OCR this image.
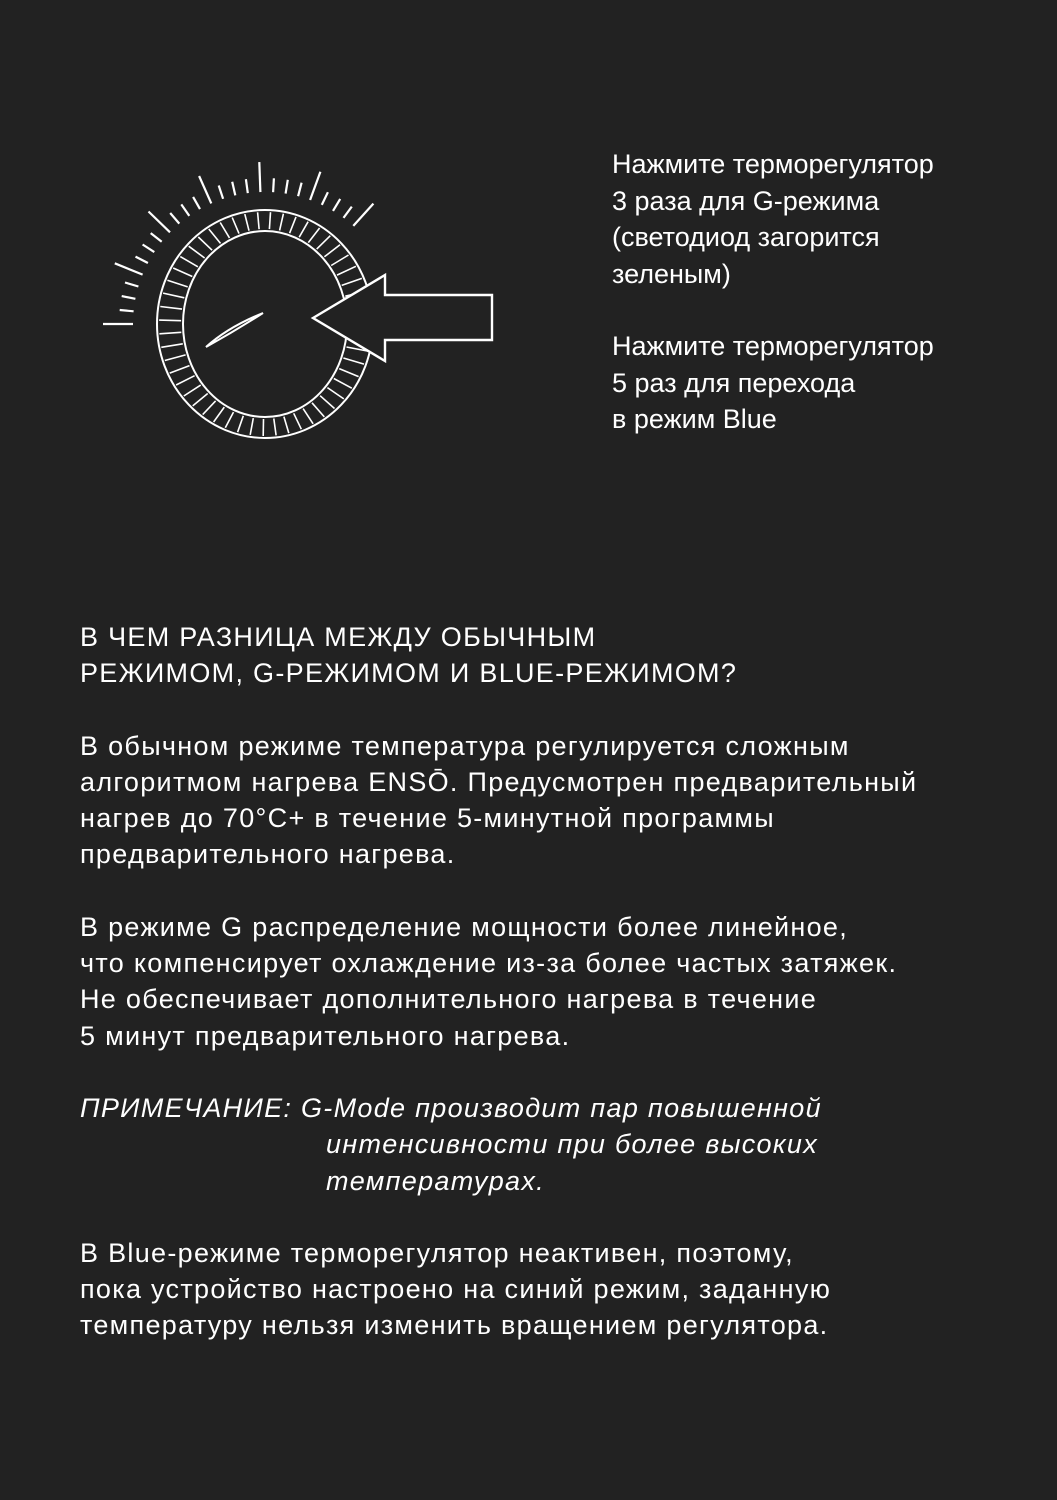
Нажмите терморегулятор
3 раза для G-режима
(светодиод загорится
зеленым)
Нажмите терморегулятор
5 раз для перехода
в режим Blue
В ЧЕМ РАЗНИЦА МЕЖДУ ОБЫЧНЫМ
РЕЖИМОМ, G-РЕЖИМОМ И BLUE-РЕЖИМОМ?
В обычном режиме температура регулируется сложным
алгоритмом нагрева ENSŌ. Предусмотрен предварительный
нагрев до 70°C+ в течение 5-минутной программы
предварительного нагрева.
В режиме G распределение мощности более линейное,
что компенсирует охлаждение из-за более частых затяжек.
Не обеспечивает дополнительного нагрева в течение
5 минут предварительного нагрева.
ПРИМЕЧАНИЕ: G-Mode производит пар повышенной
интенсивности при более высоких
температурах.
В Blue-режиме терморегулятор неактивен, поэтому,
пока устройство настроено на синий режим, заданную
температуру нельзя изменить вращением регулятора.
